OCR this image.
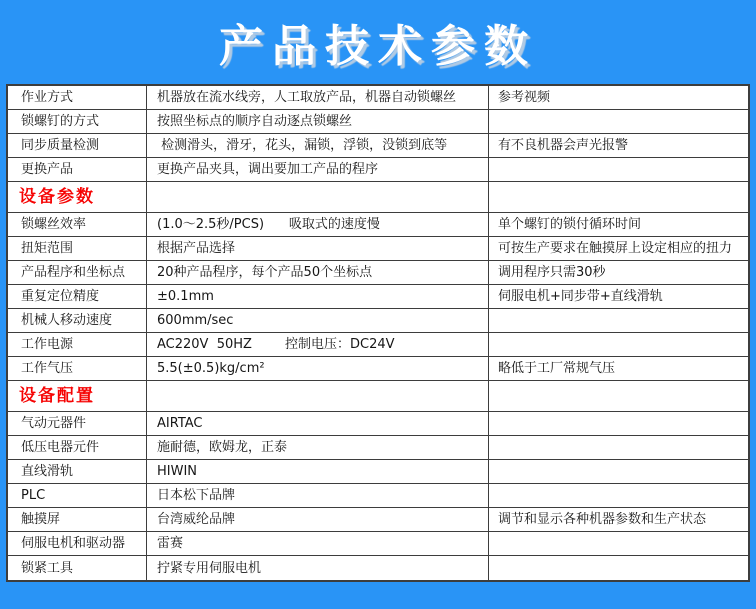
产品技术参数
作业方式	机器放在流水线旁，人工取放产品，机器自动锁螺丝	参考视频
锁螺钉的方式	按照坐标点的顺序自动逐点锁螺丝
同步质量检测	检测滑头，滑牙，花头，漏锁，浮锁，没锁到底等	有不良机器会声光报警
更换产品	更换产品夹具，调出要加工产品的程序
设备参数
锁螺丝效率	(1.0～2.5秒/PCS)      吸取式的速度慢	单个螺钉的锁付循环时间
扭矩范围	根据产品选择	可按生产要求在触摸屏上设定相应的扭力
产品程序和坐标点	20种产品程序，每个产品50个坐标点	调用程序只需30秒
重复定位精度	±0.1mm	伺服电机+同步带+直线滑轨
机械人移动速度	600mm/sec
工作电源	AC220V  50HZ        控制电压：DC24V
工作气压	5.5(±0.5)kg/cm²	略低于工厂常规气压
设备配置
气动元器件	AIRTAC
低压电器元件	施耐德，欧姆龙，正泰
直线滑轨	HIWIN
PLC	日本松下品牌
触摸屏	台湾威纶品牌	调节和显示各种机器参数和生产状态
伺服电机和驱动器	雷赛
锁紧工具	拧紧专用伺服电机
